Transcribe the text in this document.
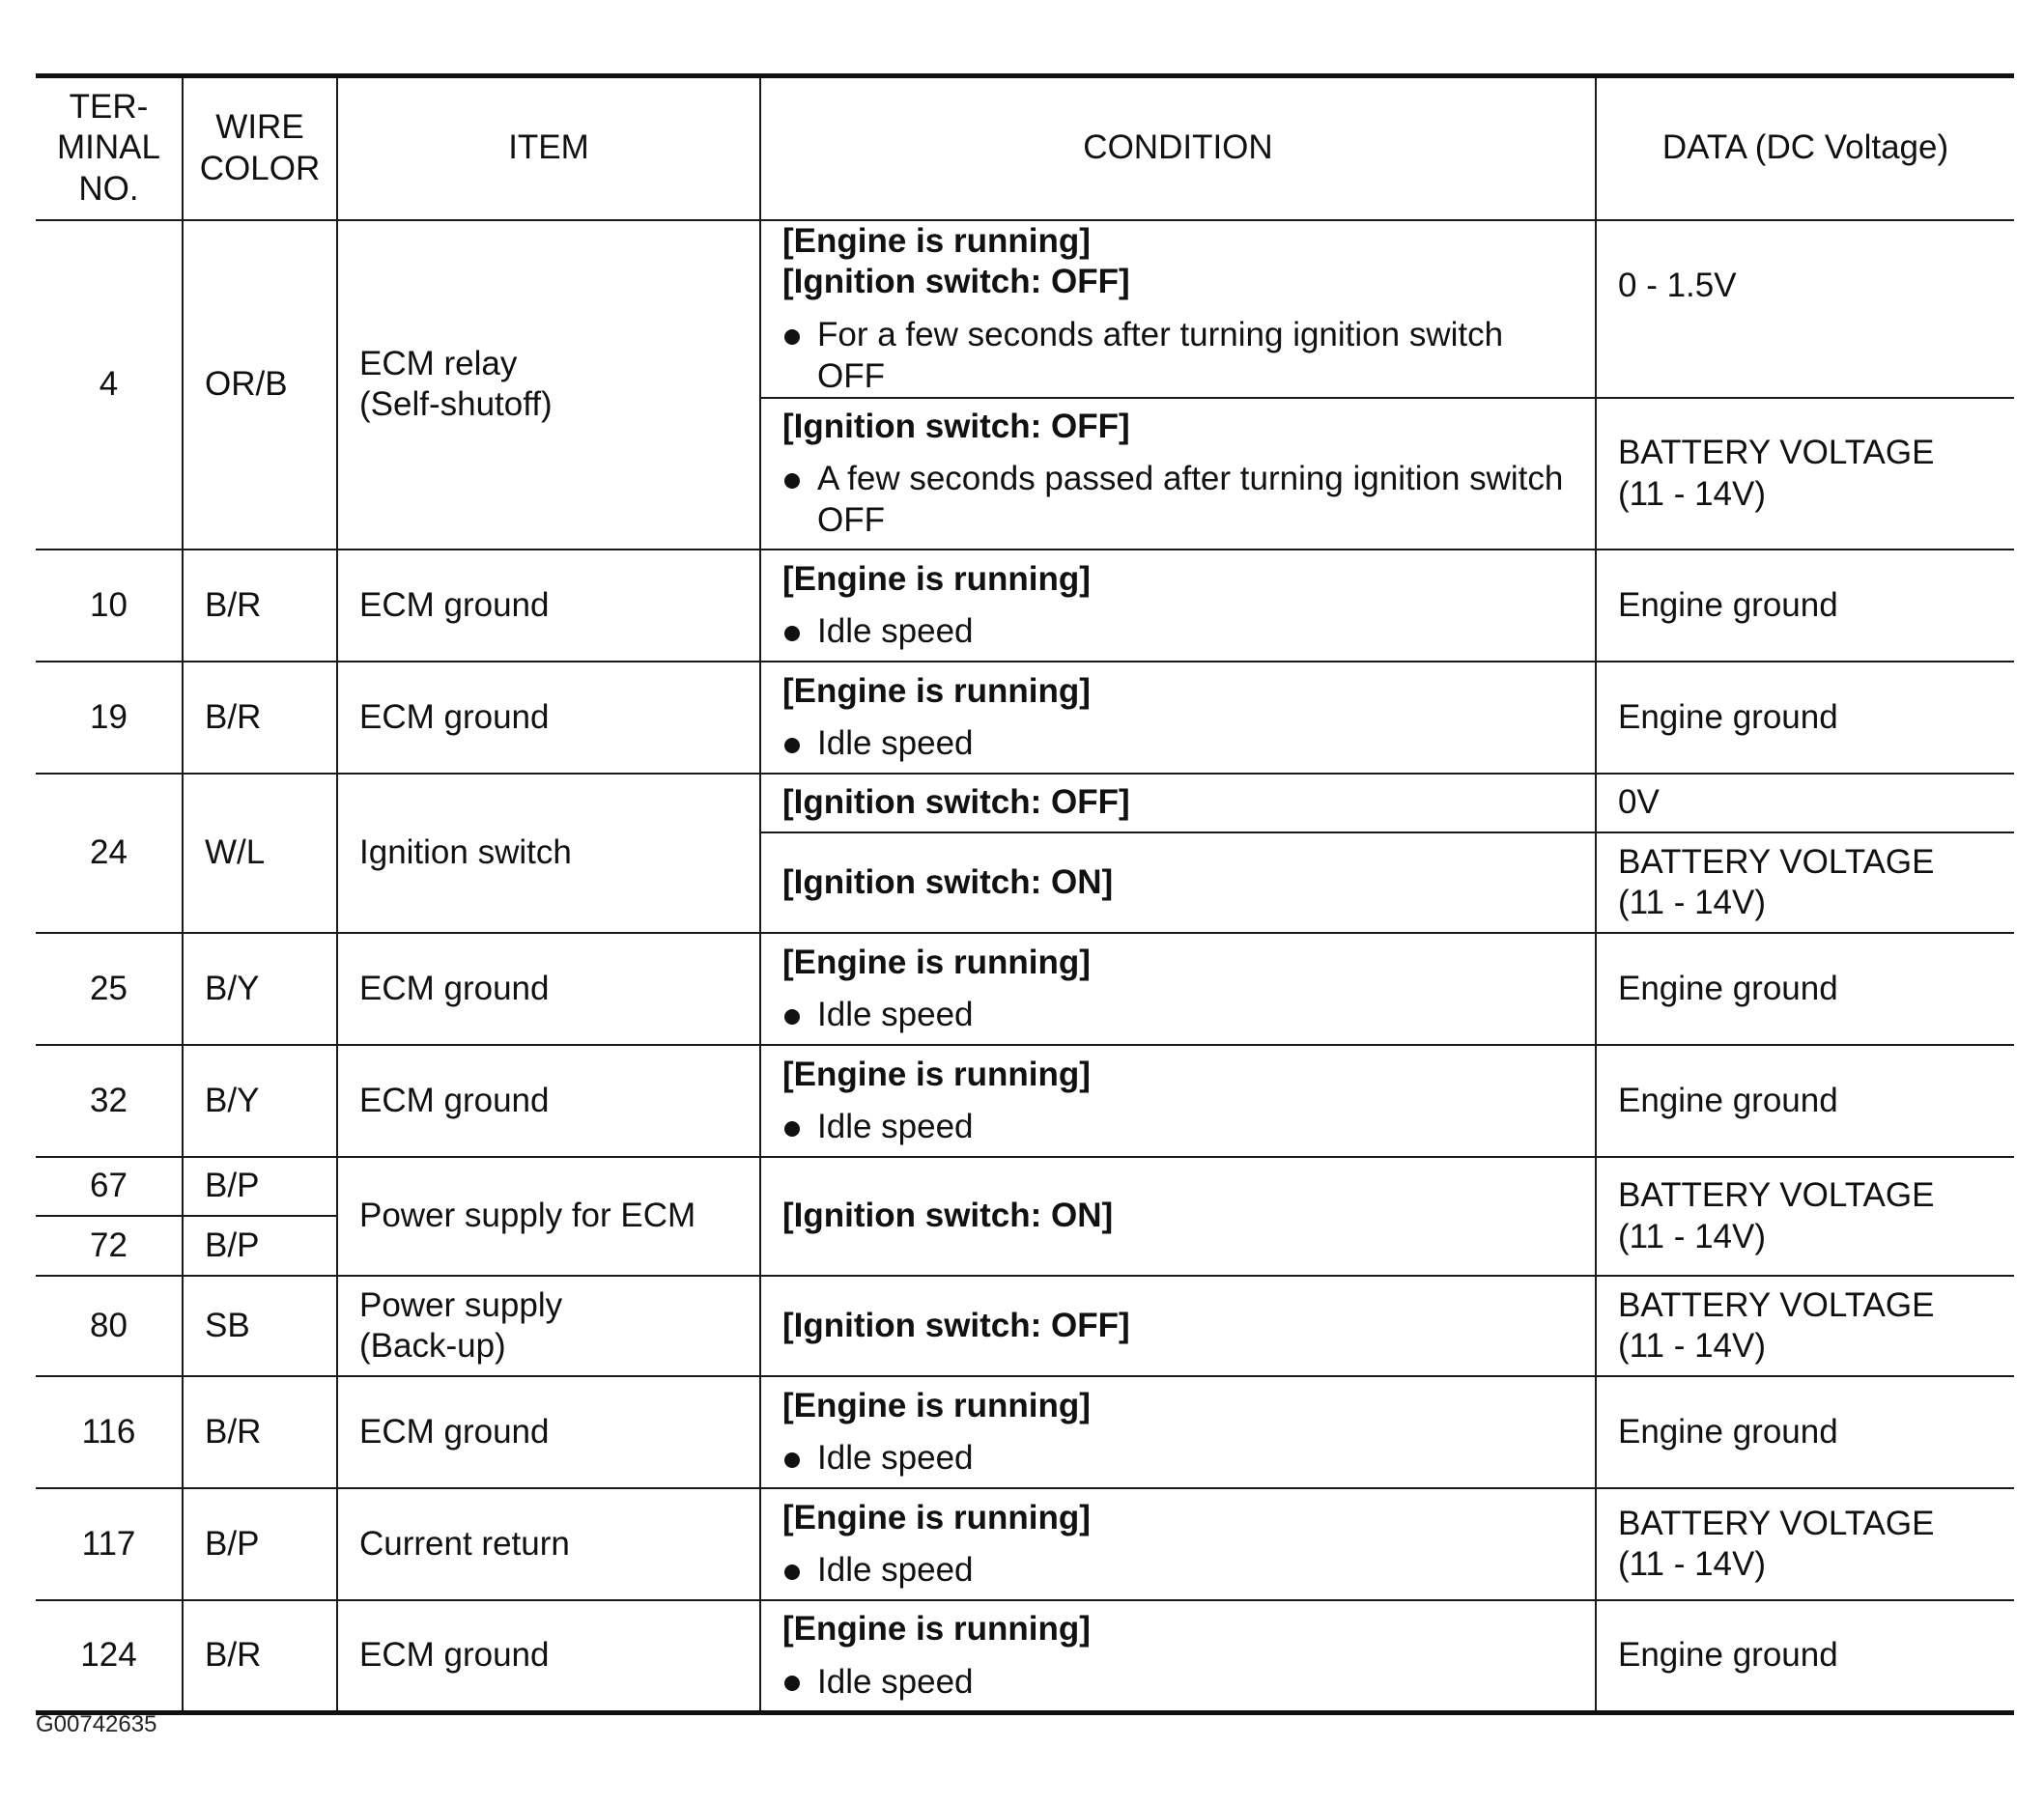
TER-
MINAL
NO.	WIRE
COLOR	ITEM	CONDITION	DATA (DC Voltage)
4	OR/B	ECM relay
(Self-shutoff)	[Engine is running]
[Ignition switch: OFF]
For a few seconds after turning ignition switch OFF	0 - 1.5V

			[Ignition switch: OFF]
A few seconds passed after turning ignition switch
OFF	BATTERY VOLTAGE
(11 - 14V)

10	B/R	ECM ground	[Engine is running]
Idle speed	Engine ground
19	B/R	ECM ground	[Engine is running]
Idle speed	Engine ground
24	W/L	Ignition switch	[Ignition switch: OFF]	0V

			[Ignition switch: ON]	BATTERY VOLTAGE
(11 - 14V)

25	B/Y	ECM ground	[Engine is running]
Idle speed	Engine ground
32	B/Y	ECM ground	[Engine is running]
Idle speed	Engine ground
67	B/P	Power supply for ECM	[Ignition switch: ON]	BATTERY VOLTAGE
(11 - 14V)

72	B/P			
80	SB	Power supply
(Back-up)	[Ignition switch: OFF]	BATTERY VOLTAGE
(11 - 14V)

116	B/R	ECM ground	[Engine is running]
Idle speed	Engine ground
117	B/P	Current return	[Engine is running]
Idle speed	BATTERY VOLTAGE
(11 - 14V)

124	B/R	ECM ground	[Engine is running]
Idle speed	Engine ground
G00742635
